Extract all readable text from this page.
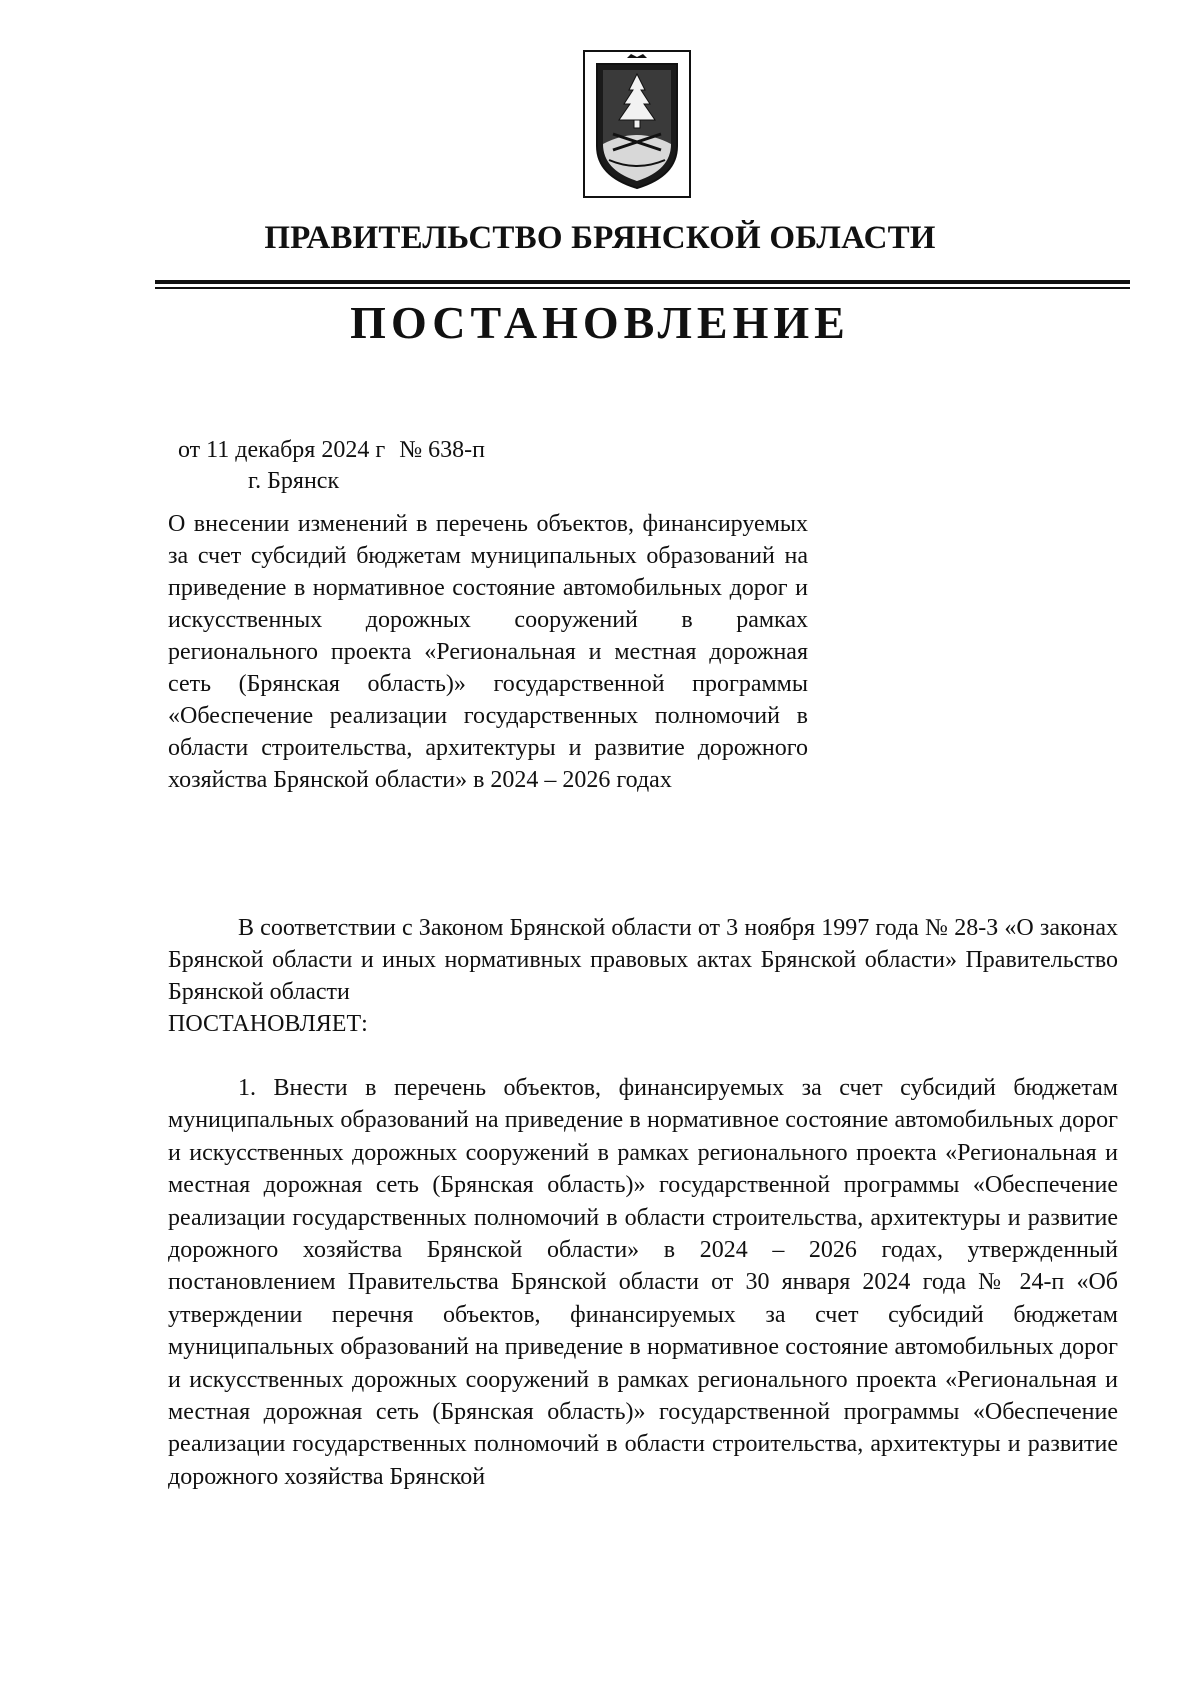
ПРАВИТЕЛЬСТВО БРЯНСКОЙ ОБЛАСТИ
ПОСТАНОВЛЕНИЕ
от 11 декабря 2024 г № 638-п
г. Брянск
О внесении изменений в перечень объектов, финансируемых за счет субсидий бюджетам муниципальных образований на приведение в нормативное состояние автомобильных дорог и искусственных дорожных сооружений в рамках регионального проекта «Региональная и местная дорожная сеть (Брянская область)» государственной программы «Обеспечение реализации государственных полномочий в области строительства, архитектуры и развитие дорожного хозяйства Брянской области» в 2024 – 2026 годах
В соответствии с Законом Брянской области от 3 ноября 1997 года № 28-З «О законах Брянской области и иных нормативных правовых актах Брянской области» Правительство Брянской области
ПОСТАНОВЛЯЕТ:
1. Внести в перечень объектов, финансируемых за счет субсидий бюджетам муниципальных образований на приведение в нормативное состояние автомобильных дорог и искусственных дорожных сооружений в рамках регионального проекта «Региональная и местная дорожная сеть (Брянская область)» государственной программы «Обеспечение реализации государственных полномочий в области строительства, архитектуры и развитие дорожного хозяйства Брянской области» в 2024 – 2026 годах, утвержденный постановлением Правительства Брянской области от 30 января 2024 года № 24-п «Об утверждении перечня объектов, финансируемых за счет субсидий бюджетам муниципальных образований на приведение в нормативное состояние автомобильных дорог и искусственных дорожных сооружений в рамках регионального проекта «Региональная и местная дорожная сеть (Брянская область)» государственной программы «Обеспечение реализации государственных полномочий в области строительства, архитектуры и развитие дорожного хозяйства Брянской
